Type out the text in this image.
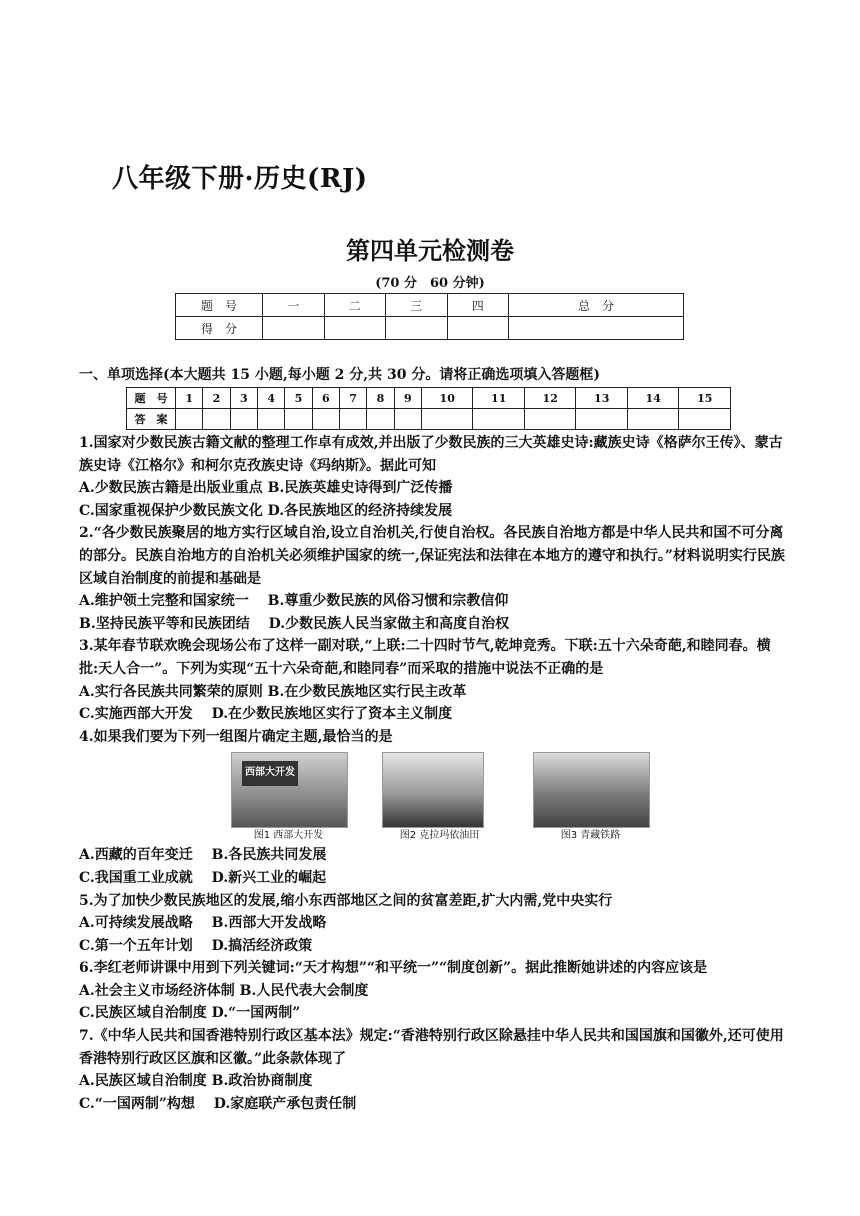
八年级下册·历史(RJ)
第四单元检测卷
(70 分　60 分钟)
题　号	一	二	三	四	总　分
得　分					
一、单项选择(本大题共 15 小题,每小题 2 分,共 30 分。请将正确选项填入答题框)
题　号	1	2	3	4	5	6	7	8	9	10	11	12	13	14	15
答　案															

1.国家对少数民族古籍文献的整理工作卓有成效,并出版了少数民族的三大英雄史诗:藏族史诗《格萨尔王传》、蒙古族史诗《江格尔》和柯尔克孜族史诗《玛纳斯》。据此可知

A.少数民族古籍是出版业重点 B.民族英雄史诗得到广泛传播

C.国家重视保护少数民族文化 D.各民族地区的经济持续发展

2.“各少数民族聚居的地方实行区域自治,设立自治机关,行使自治权。各民族自治地方都是中华人民共和国不可分离的部分。民族自治地方的自治机关必须维护国家的统一,保证宪法和法律在本地方的遵守和执行。”材料说明实行民族区域自治制度的前提和基础是

A.维护领土完整和国家统一　 B.尊重少数民族的风俗习惯和宗教信仰

B.坚持民族平等和民族团结　 D.少数民族人民当家做主和高度自治权

3.某年春节联欢晚会现场公布了这样一副对联,“上联:二十四时节气,乾坤竞秀。下联:五十六朵奇葩,和睦同春。横批:天人合一”。下列为实现“五十六朵奇葩,和睦同春”而采取的措施中说法不正确的是

A.实行各民族共同繁荣的原则 B.在少数民族地区实行民主改革

C.实施西部大开发　 D.在少数民族地区实行了资本主义制度

4.如果我们要为下列一组图片确定主题,最恰当的是

西部大开发
图1 西部大开发	图2 克拉玛依油田	图3 青藏铁路

A.西藏的百年变迁　 B.各民族共同发展

C.我国重工业成就　 D.新兴工业的崛起

5.为了加快少数民族地区的发展,缩小东西部地区之间的贫富差距,扩大内需,党中央实行

A.可持续发展战略　 B.西部大开发战略

C.第一个五年计划　 D.搞活经济政策

6.李红老师讲课中用到下列关键词:“天才构想”“和平统一”“制度创新”。据此推断她讲述的内容应该是

A.社会主义市场经济体制 B.人民代表大会制度

C.民族区域自治制度 D.“一国两制”

7.《中华人民共和国香港特别行政区基本法》规定:“香港特别行政区除悬挂中华人民共和国国旗和国徽外,还可使用香港特别行政区区旗和区徽。”此条款体现了

A.民族区域自治制度 B.政治协商制度

C.“一国两制”构想　 D.家庭联产承包责任制
